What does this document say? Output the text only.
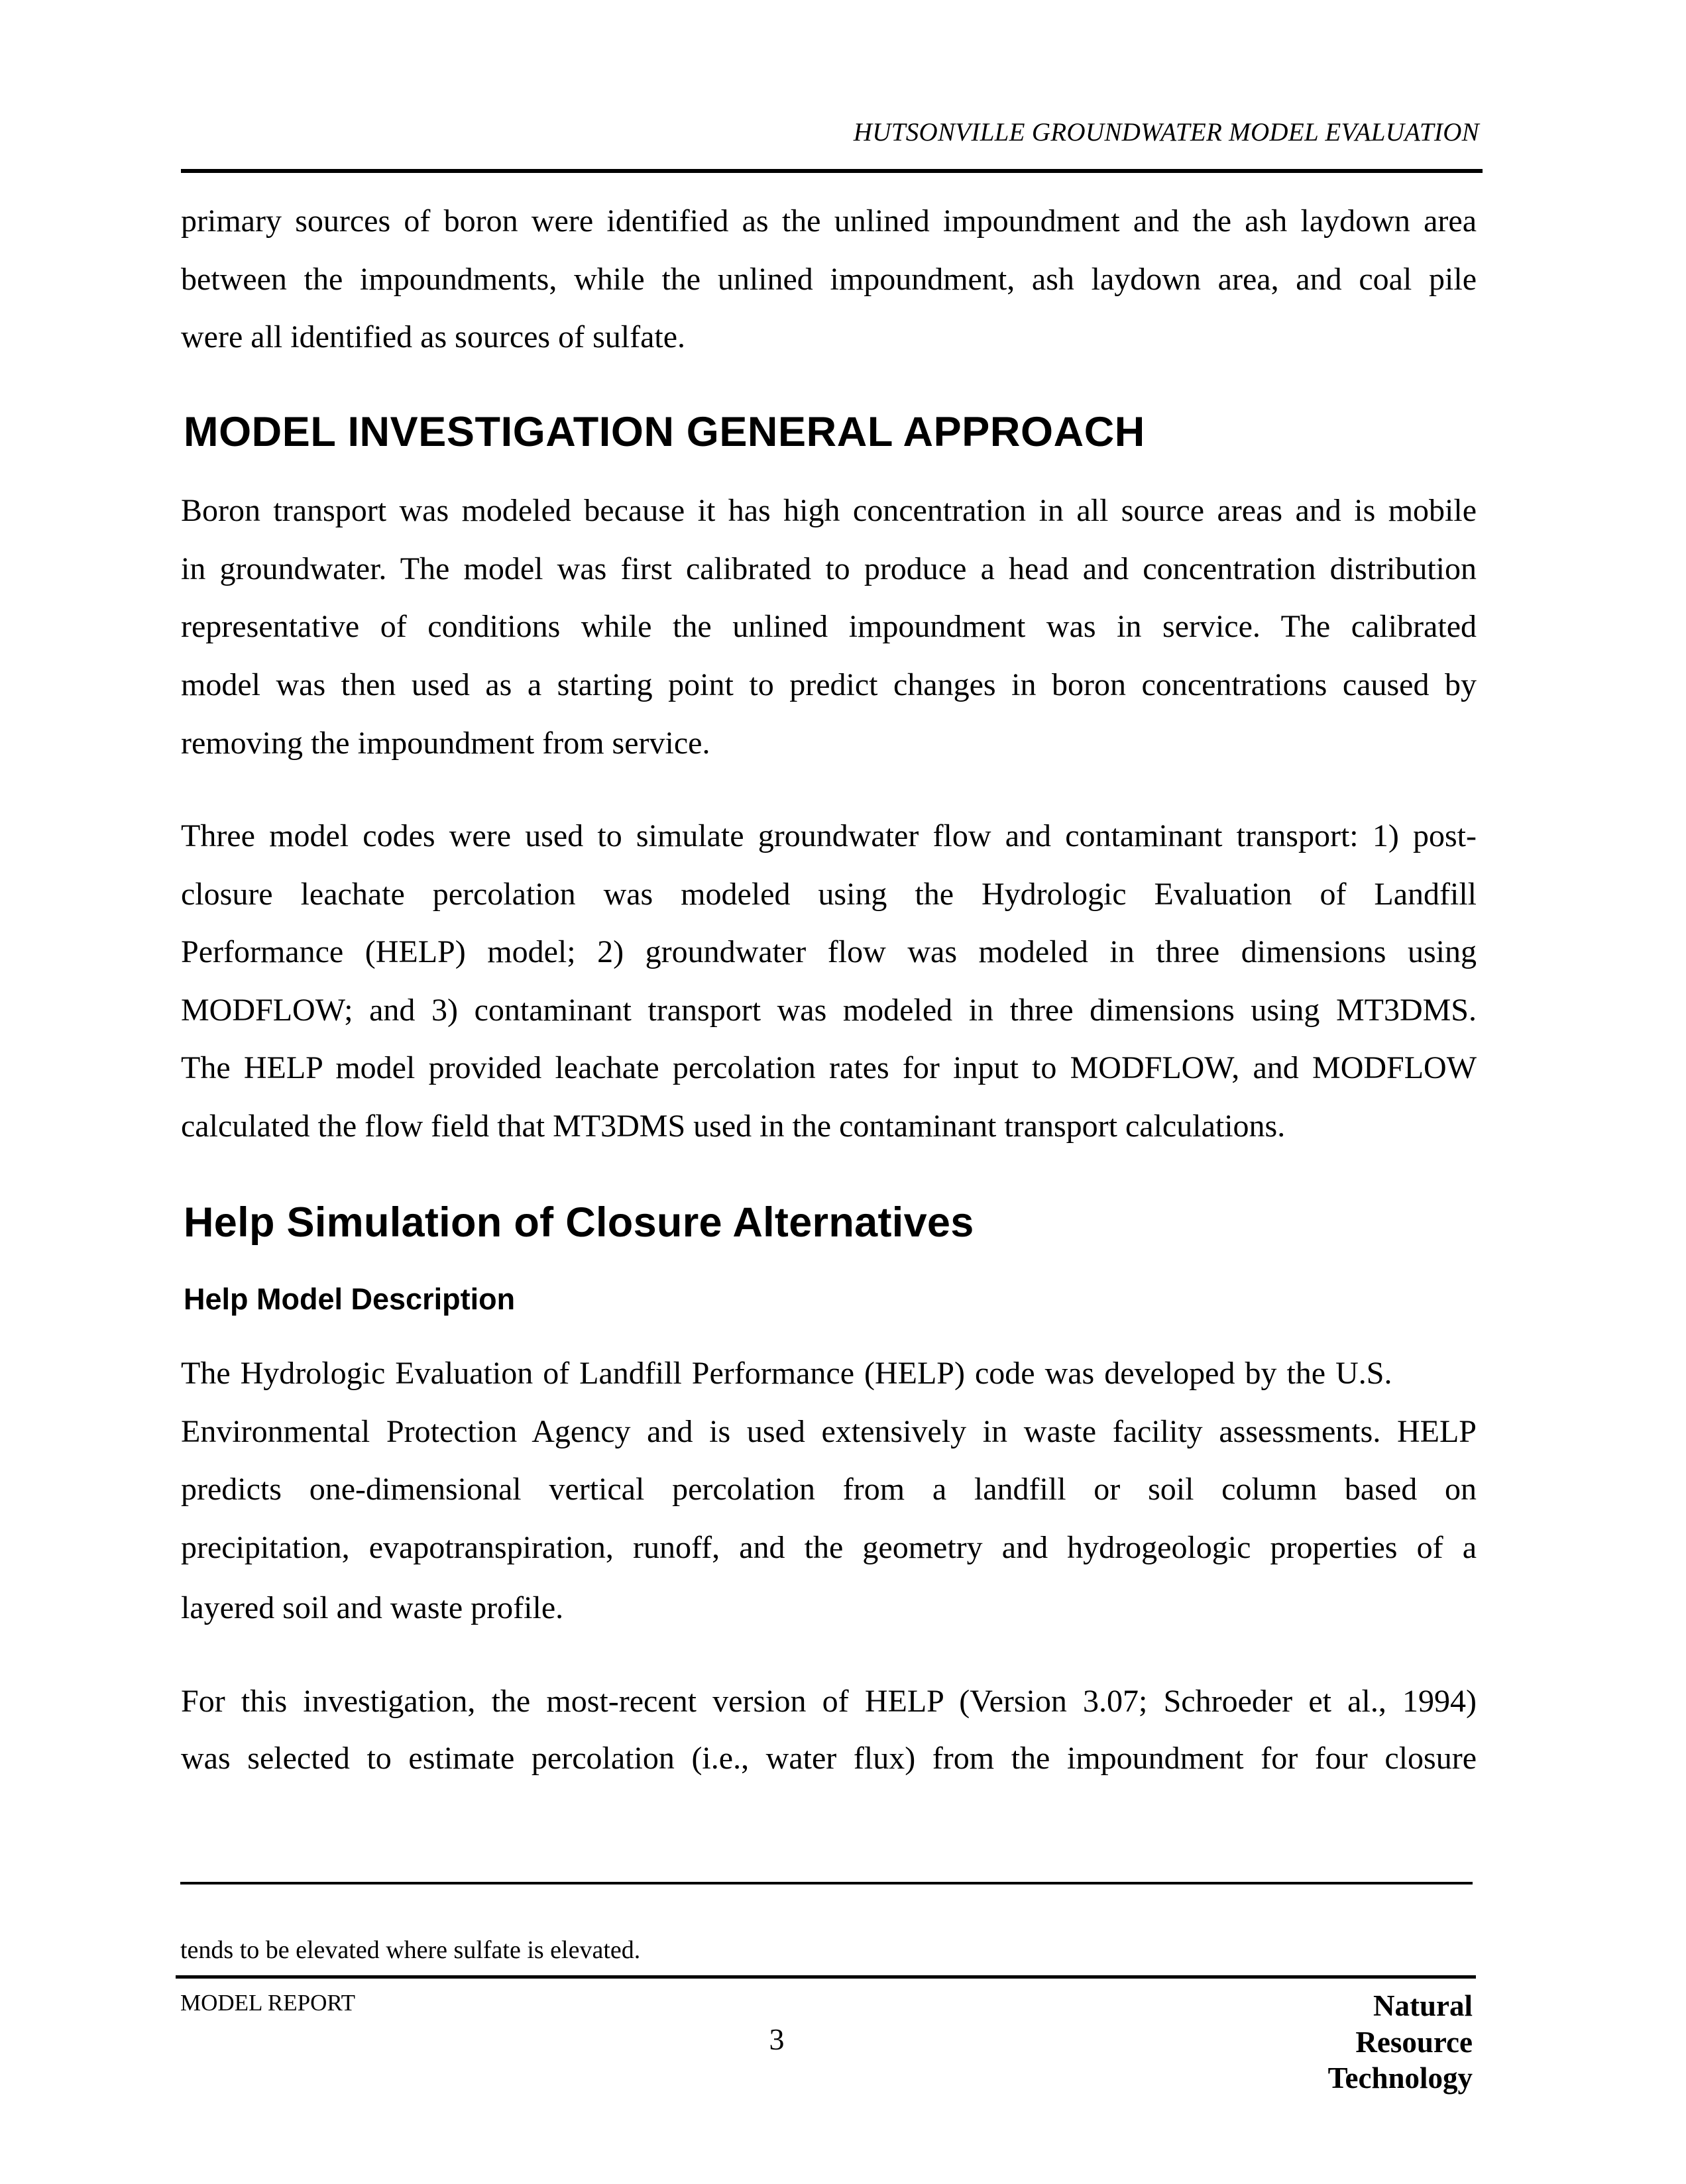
HUTSONVILLE GROUNDWATER MODEL EVALUATION
primary sources of boron were identified as the unlined impoundment and the ash laydown area
between the impoundments, while the unlined impoundment, ash laydown area, and coal pile
were all identified as sources of sulfate.
MODEL INVESTIGATION GENERAL APPROACH
Boron transport was modeled because it has high concentration in all source areas and is mobile
in groundwater. The model was first calibrated to produce a head and concentration distribution
representative of conditions while the unlined impoundment was in service. The calibrated
model was then used as a starting point to predict changes in boron concentrations caused by
removing the impoundment from service.
Three model codes were used to simulate groundwater flow and contaminant transport: 1) post-
closure leachate percolation was modeled using the Hydrologic Evaluation of Landfill
Performance (HELP) model; 2) groundwater flow was modeled in three dimensions using
MODFLOW; and 3) contaminant transport was modeled in three dimensions using MT3DMS.
The HELP model provided leachate percolation rates for input to MODFLOW, and MODFLOW
calculated the flow field that MT3DMS used in the contaminant transport calculations.
Help Simulation of Closure Alternatives
Help Model Description
The Hydrologic Evaluation of Landfill Performance (HELP) code was developed by the U.S.
Environmental Protection Agency and is used extensively in waste facility assessments. HELP
predicts one-dimensional vertical percolation from a landfill or soil column based on
precipitation, evapotranspiration, runoff, and the geometry and hydrogeologic properties of a
layered soil and waste profile.
For this investigation, the most-recent version of HELP (Version 3.07; Schroeder et al., 1994)
was selected to estimate percolation (i.e., water flux) from the impoundment for four closure
tends to be elevated where sulfate is elevated.
MODEL REPORT
3
Natural
Resource
Technology
